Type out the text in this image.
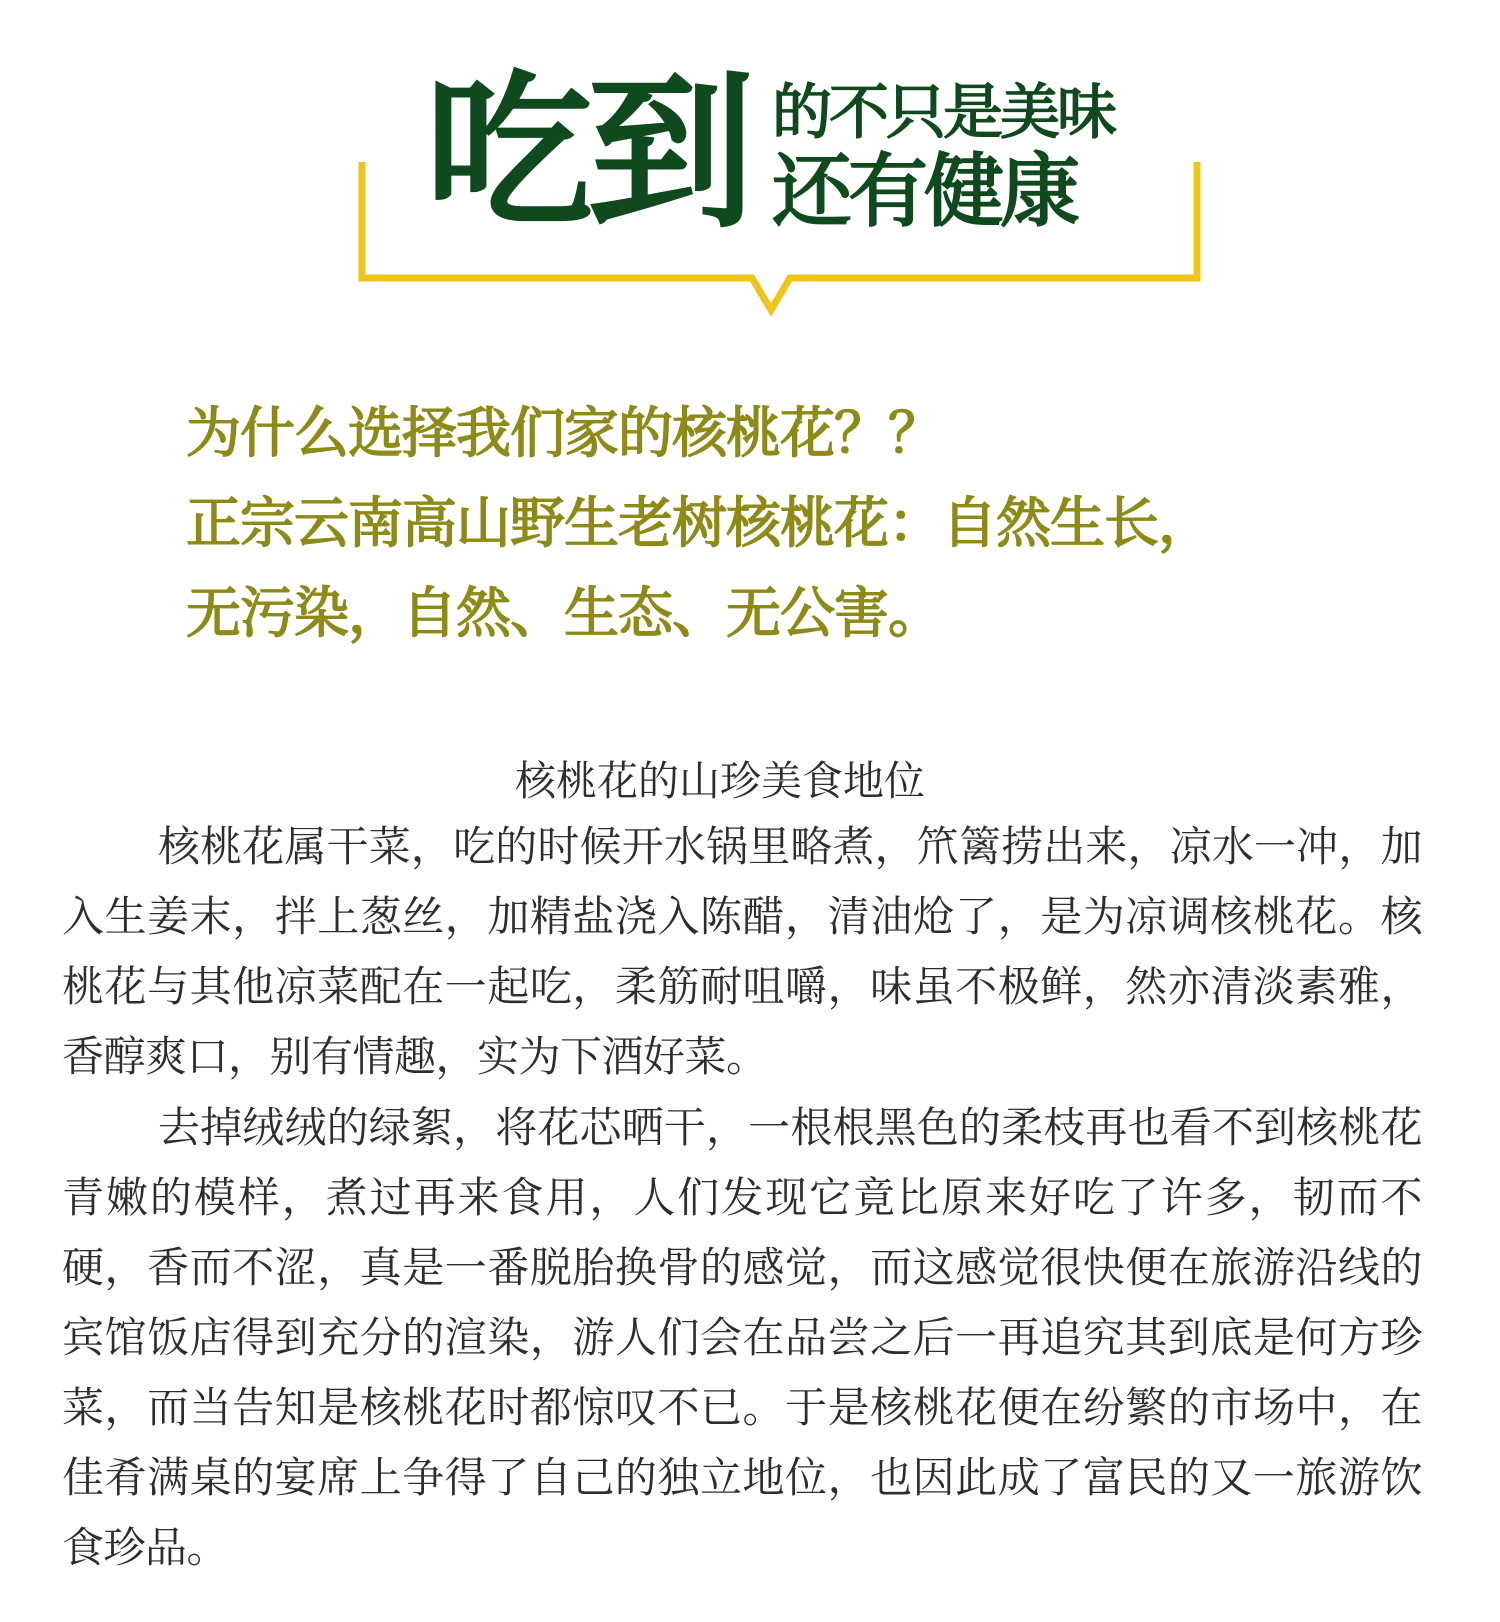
吃到 的不只是美味
还有健康
为什么选择我们家的核桃花？？
正宗云南高山野生老树核桃花：自然生长，
无污染，自然、生态、无公害。
核桃花的山珍美食地位

核桃花属干菜，吃的时候开水锅里略煮，笊篱捞出来，凉水一冲，加入生姜末，拌上葱丝，加精盐浇入陈醋，清油炝了，是为凉调核桃花。核桃花与其他凉菜配在一起吃，柔筋耐咀嚼，味虽不极鲜，然亦清淡素雅，香醇爽口，别有情趣，实为下酒好菜。

去掉绒绒的绿絮，将花芯晒干，一根根黑色的柔枝再也看不到核桃花青嫩的模样，煮过再来食用，人们发现它竟比原来好吃了许多，韧而不硬，香而不涩，真是一番脱胎换骨的感觉，而这感觉很快便在旅游沿线的宾馆饭店得到充分的渲染，游人们会在品尝之后一再追究其到底是何方珍菜，而当告知是核桃花时都惊叹不已。于是核桃花便在纷繁的市场中，在佳肴满桌的宴席上争得了自己的独立地位，也因此成了富民的又一旅游饮食珍品。
